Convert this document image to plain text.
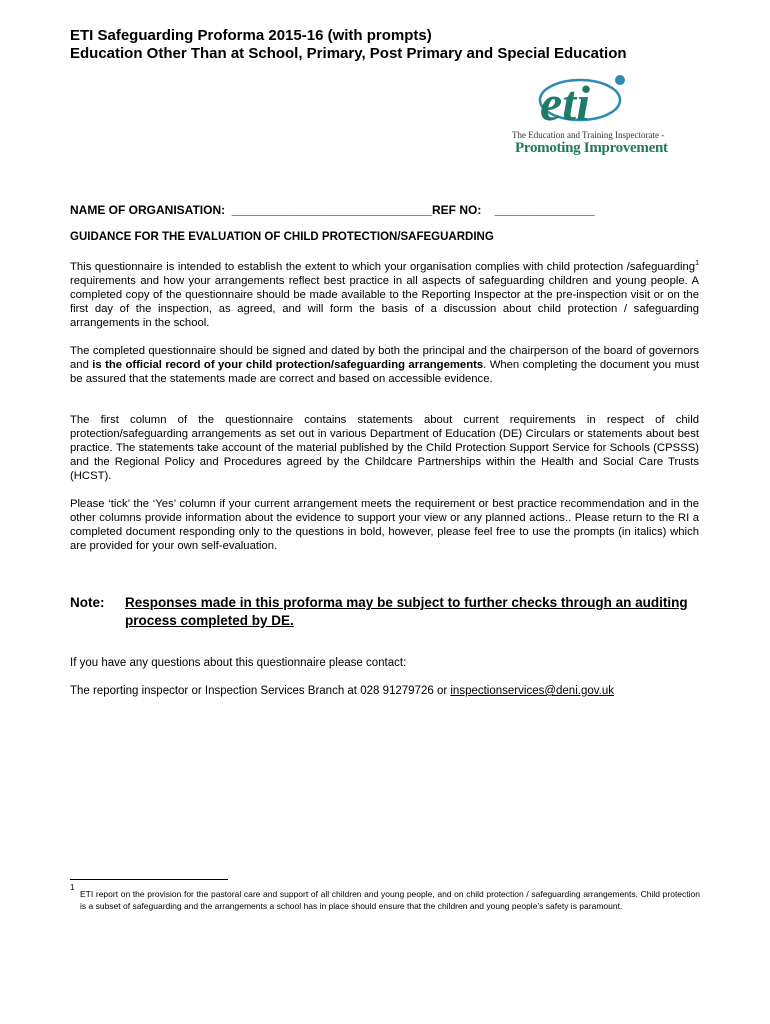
ETI Safeguarding Proforma 2015-16 (with prompts)
Education Other Than at School, Primary, Post Primary and Special Education
eti
The Education and Training Inspectorate -
Promoting Improvement
NAME OF ORGANISATION: ______________________________REF NO: _______________
GUIDANCE FOR THE EVALUATION OF CHILD PROTECTION/SAFEGUARDING

This questionnaire is intended to establish the extent to which your organisation complies with child protection /safeguarding$^1$ requirements and how your arrangements reflect best practice in all aspects of safeguarding children and young people. A completed copy of the questionnaire should be made available to the Reporting Inspector at the pre-inspection visit or on the first day of the inspection, as agreed, and will form the basis of a discussion about child protection / safeguarding arrangements in the school.

The completed questionnaire should be signed and dated by both the principal and the chairperson of the board of governors and is the official record of your child protection/safeguarding arrangements. When completing the document you must be assured that the statements made are correct and based on accessible evidence.

The first column of the questionnaire contains statements about current requirements in respect of child protection/safeguarding arrangements as set out in various Department of Education (DE) Circulars or statements about best practice. The statements take account of the material published by the Child Protection Support Service for Schools (CPSSS) and the Regional Policy and Procedures agreed by the Childcare Partnerships within the Health and Social Care Trusts (HCST).

Please ‘tick’ the ‘Yes’ column if your current arrangement meets the requirement or best practice recommendation and in the other columns provide information about the evidence to support your view or any planned actions.. Please return to the RI a completed document responding only to the questions in bold, however, please feel free to use the prompts (in italics) which are provided for your own self-evaluation.

Note: Responses made in this proforma may be subject to further checks through an auditing process completed by DE.
If you have any questions about this questionnaire please contact:
The reporting inspector or Inspection Services Branch at 028 91279726 or inspectionservices@deni.gov.uk
1

ETI report on the provision for the pastoral care and support of all children and young people, and on child protection / safeguarding arrangements. Child protection is a subset of safeguarding and the arrangements a school has in place should ensure that the children and young people’s safety is paramount.
